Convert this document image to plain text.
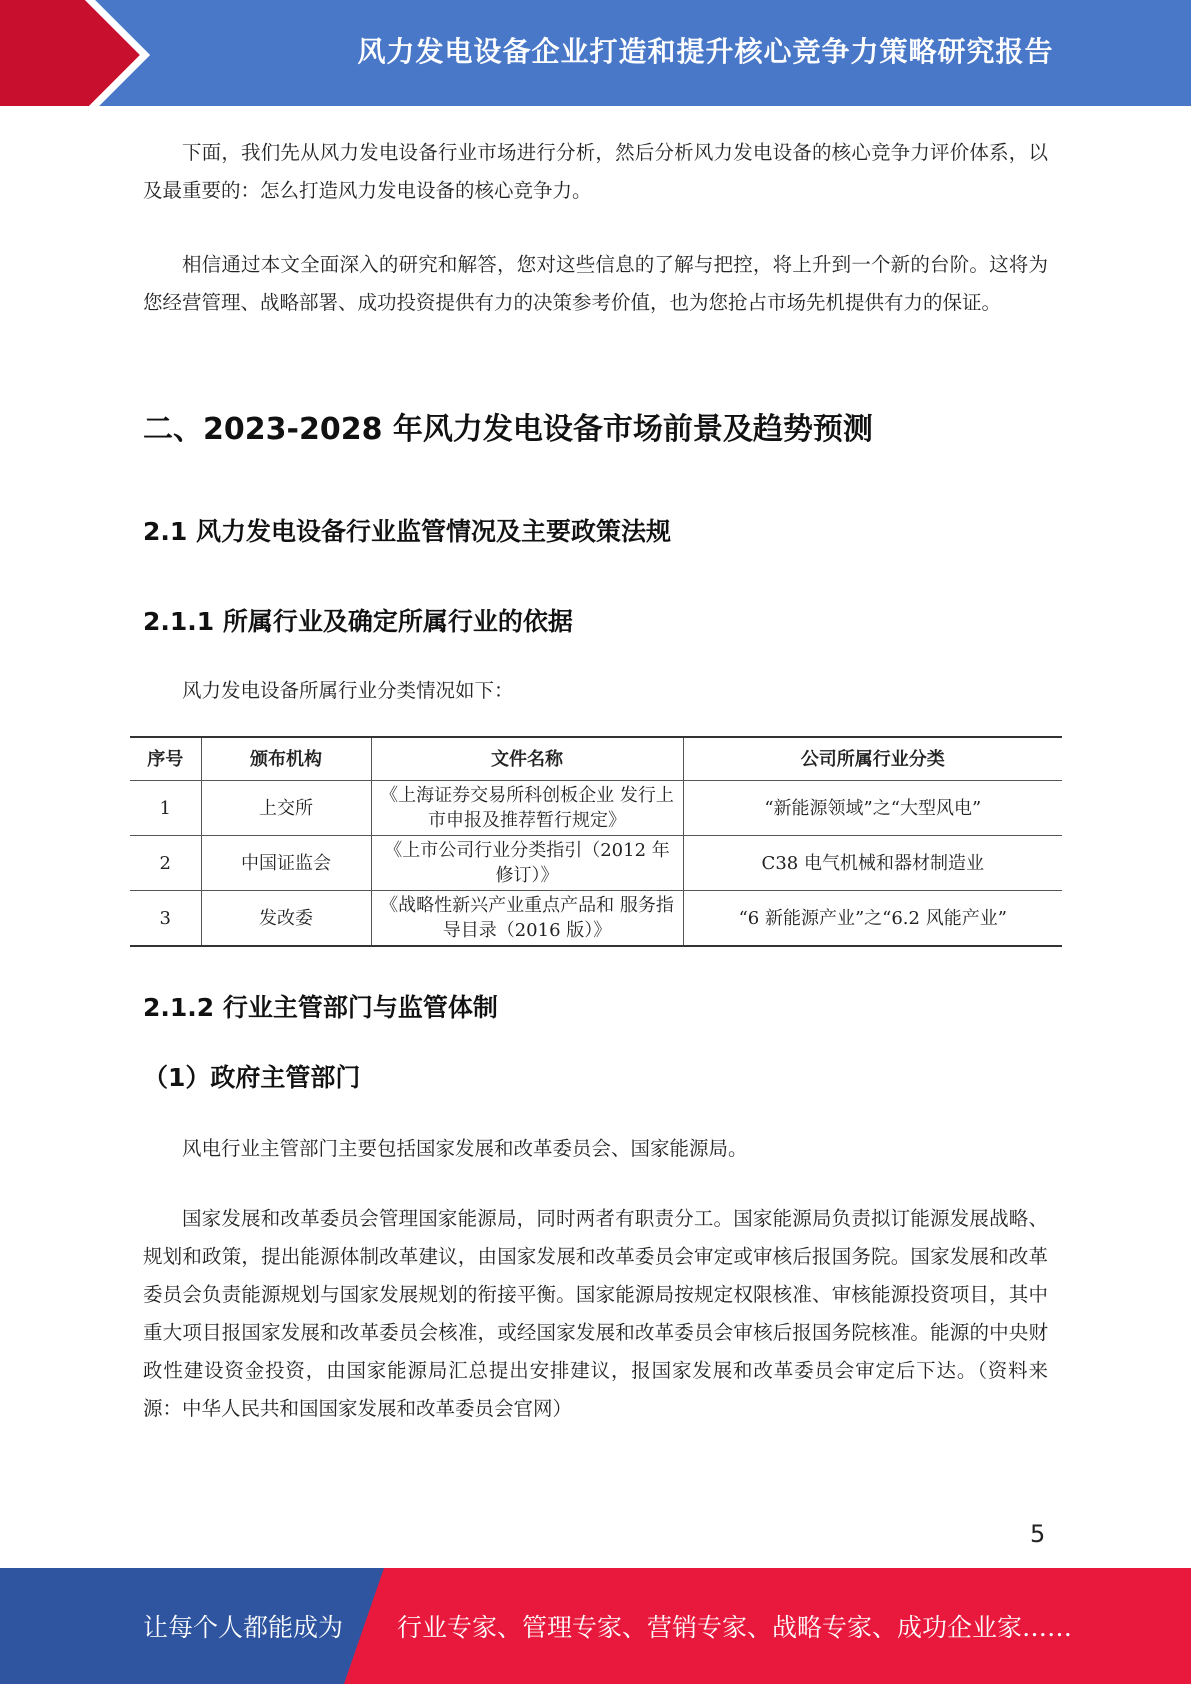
风力发电设备企业打造和提升核心竞争力策略研究报告

下面，我们先从风力发电设备行业市场进行分析，然后分析风力发电设备的核心竞争力评价体系，以及最重要的：怎么打造风力发电设备的核心竞争力。

相信通过本文全面深入的研究和解答，您对这些信息的了解与把控，将上升到一个新的台阶。这将为您经营管理、战略部署、成功投资提供有力的决策参考价值，也为您抢占市场先机提供有力的保证。

二、2023-2028 年风力发电设备市场前景及趋势预测
2.1 风力发电设备行业监管情况及主要政策法规
2.1.1 所属行业及确定所属行业的依据

风力发电设备所属行业分类情况如下：

序号	颁布机构	文件名称	公司所属行业分类
1	上交所	《上海证券交易所科创板企业 发行上市申报及推荐暂行规定》	“新能源领域”之“大型风电”
2	中国证监会	《上市公司行业分类指引（2012 年修订）》	C38 电气机械和器材制造业
3	发改委	《战略性新兴产业重点产品和 服务指导目录（2016 版）》	“6 新能源产业”之“6.2 风能产业”
2.1.2 行业主管部门与监管体制
（1）政府主管部门

风电行业主管部门主要包括国家发展和改革委员会、国家能源局。

国家发展和改革委员会管理国家能源局，同时两者有职责分工。国家能源局负责拟订能源发展战略、规划和政策，提出能源体制改革建议，由国家发展和改革委员会审定或审核后报国务院。国家发展和改革委员会负责能源规划与国家发展规划的衔接平衡。国家能源局按规定权限核准、审核能源投资项目，其中重大项目报国家发展和改革委员会核准，或经国家发展和改革委员会审核后报国务院核准。能源的中央财政性建设资金投资，由国家能源局汇总提出安排建议，报国家发展和改革委员会审定后下达。（资料来源：中华人民共和国国家发展和改革委员会官网）

5
让每个人都能成为 行业专家、管理专家、营销专家、战略专家、成功企业家……
